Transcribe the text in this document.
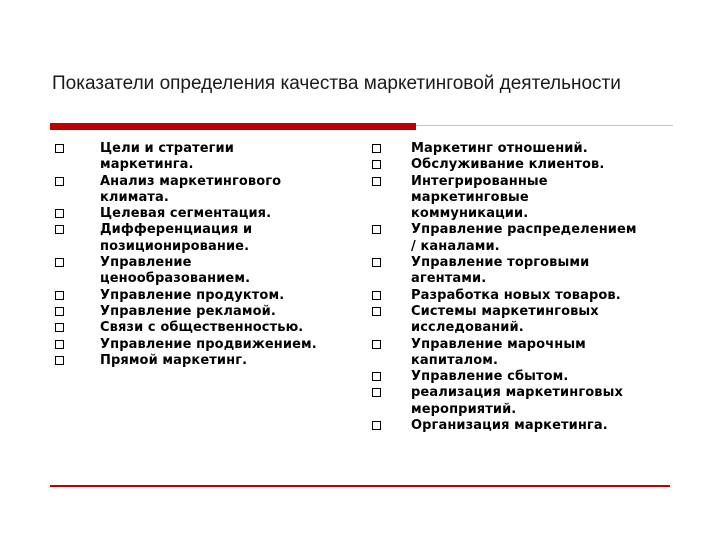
Показатели определения качества маркетинговой деятельности
Цели и стратегии
маркетинга.
Анализ маркетингового
климата.
Целевая сегментация.
Дифференциация и
позиционирование.
Управление
ценообразованием.
Управление продуктом.
Управление рекламой.
Связи с общественностью.
Управление продвижением.
Прямой маркетинг.
Маркетинг отношений.
Обслуживание клиентов.
Интегрированные
маркетинговые
коммуникации.
Управление распределением
/ каналами.
Управление торговыми
агентами.
Разработка новых товаров.
Системы маркетинговых
исследований.
Управление марочным
капиталом.
Управление сбытом.
реализация маркетинговых
мероприятий.
Организация маркетинга.
